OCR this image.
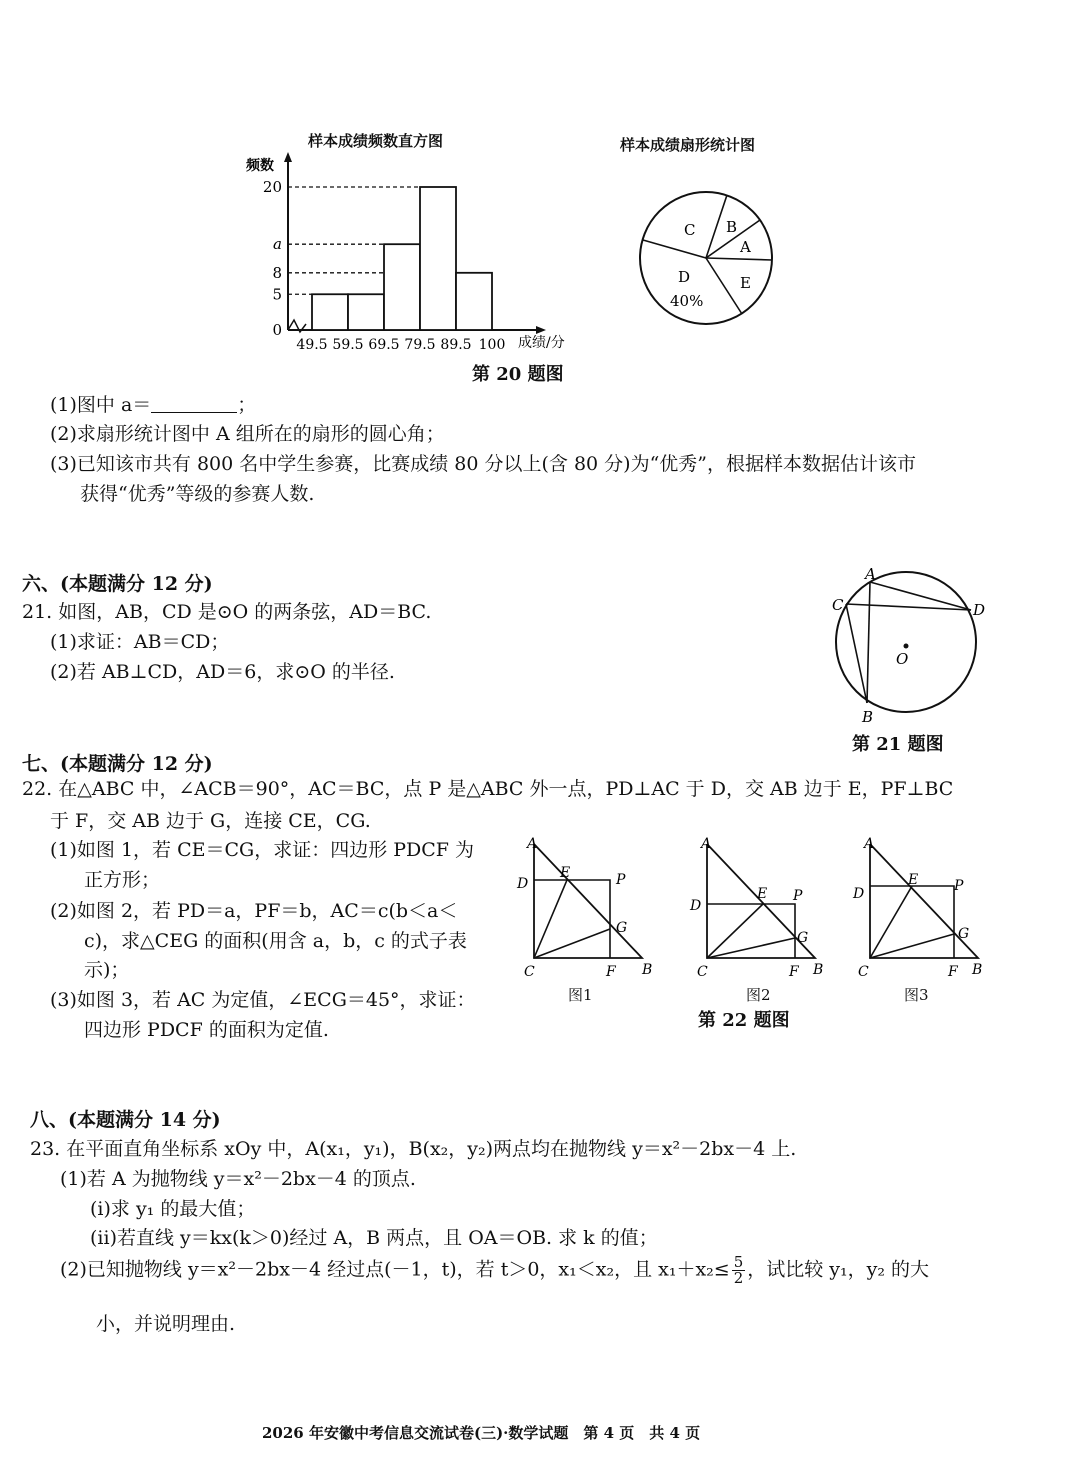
样本成绩频数直方图	样本成绩扇形统计图
频数
20
a
8
5
0
49.5 59.5 69.5 79.5 89.5 100 成绩/分
C B
A
D
40%
E
第 20 题图
(1)图中 a＝	；
(2)求扇形统计图中 A 组所在的扇形的圆心角；
(3)已知该市共有 800 名中学生参赛，比赛成绩 80 分以上(含 80 分)为“优秀”，根据样本数据估计该市
获得“优秀”等级的参赛人数.
六、(本题满分 12 分)
21. 如图，AB，CD 是⊙O 的两条弦，AD＝BC.
(1)求证：AB＝CD；
(2)若 AB⊥CD，AD＝6，求⊙O 的半径.
A
C	D
O
B
第 21 题图
七、(本题满分 12 分)
22. 在△ABC 中，∠ACB＝90°，AC＝BC，点 P 是△ABC 外一点，PD⊥AC 于 D，交 AB 边于 E，PF⊥BC
于 F，交 AB 边于 G，连接 CE，CG.
(1)如图 1，若 CE＝CG，求证：四边形 PDCF 为
正方形；
(2)如图 2，若 PD＝a，PF＝b，AC＝c(b＜a＜
c)，求△CEG 的面积(用含 a，b，c 的式子表
示)；
(3)如图 3，若 AC 为定值，∠ECG＝45°，求证：
四边形 PDCF 的面积为定值.
A
D
E	P
G
C	F B
图1
A
D
E P
G
C	F B
图2
A
D
E	P
G
C	F B
图3
第 22 题图
八、(本题满分 14 分)
23. 在平面直角坐标系 xOy 中，A(x₁，y₁)，B(x₂，y₂)两点均在抛物线 y＝x²－2bx－4 上.
(1)若 A 为抛物线 y＝x²－2bx－4 的顶点.
(i)求 y₁ 的最大值；
(ii)若直线 y＝kx(k＞0)经过 A，B 两点，且 OA＝OB. 求 k 的值；
(2)已知抛物线 y＝x²－2bx－4 经过点(－1，t)，若 t＞0，x₁＜x₂，且 $x_1+x_2\le \frac{5}{2}$ ，试比较 y₁，y₂ 的大
小，并说明理由.
2026 年安徽中考信息交流试卷(三)·数学试题　第 4 页　共 4 页
